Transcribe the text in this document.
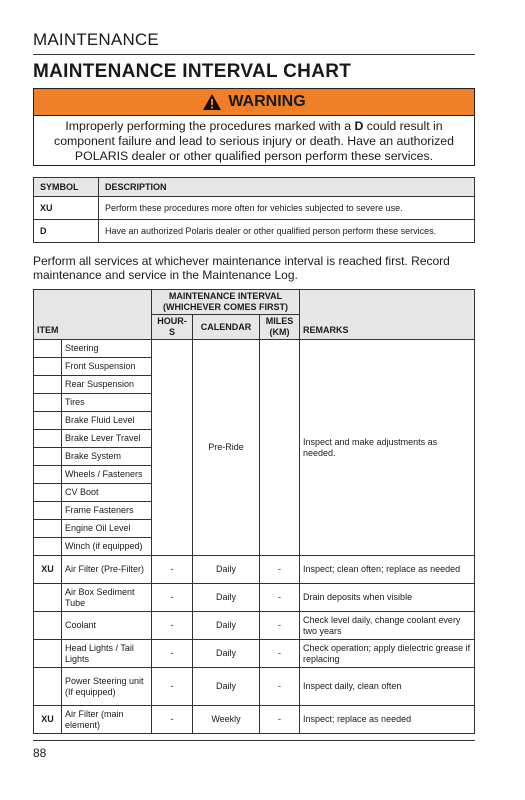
MAINTENANCE
MAINTENANCE INTERVAL CHART
WARNING
Improperly performing the procedures marked with a D could result in component failure and lead to serious injury or death. Have an authorized POLARIS dealer or other qualified person perform these services.
SYMBOL	DESCRIPTION
XU	Perform these procedures more often for vehicles subjected to severe use.
D	Have an authorized Polaris dealer or other qualified person perform these services.
Perform all services at whichever maintenance interval is reached first. Record maintenance and service in the Maintenance Log.
ITEM		MAINTENANCE INTERVAL (WHICHEVER COMES FIRST)			REMARKS
		HOUR-S	CALENDAR	MILES (KM)	
	Steering		Pre-Ride		Inspect and make adjustments as needed.
	Front Suspension				
	Rear Suspension				
	Tires				
	Brake Fluid Level				
	Brake Lever Travel				
	Brake System				
	Wheels / Fasteners				
	CV Boot				
	Frame Fasteners				
	Engine Oil Level				
	Winch (if equipped)				
XU	Air Filter (Pre-Filter)	-	Daily	-	Inspect; clean often; replace as needed
	Air Box Sediment Tube	-	Daily	-	Drain deposits when visible
	Coolant	-	Daily	-	Check level daily, change coolant every two years
	Head Lights / Tail Lights	-	Daily	-	Check operation; apply dielectric grease if replacing
	Power Steering unit (If equipped)	-	Daily	-	Inspect daily, clean often
XU	Air Filter (main element)	-	Weekly	-	Inspect; replace as needed
88
